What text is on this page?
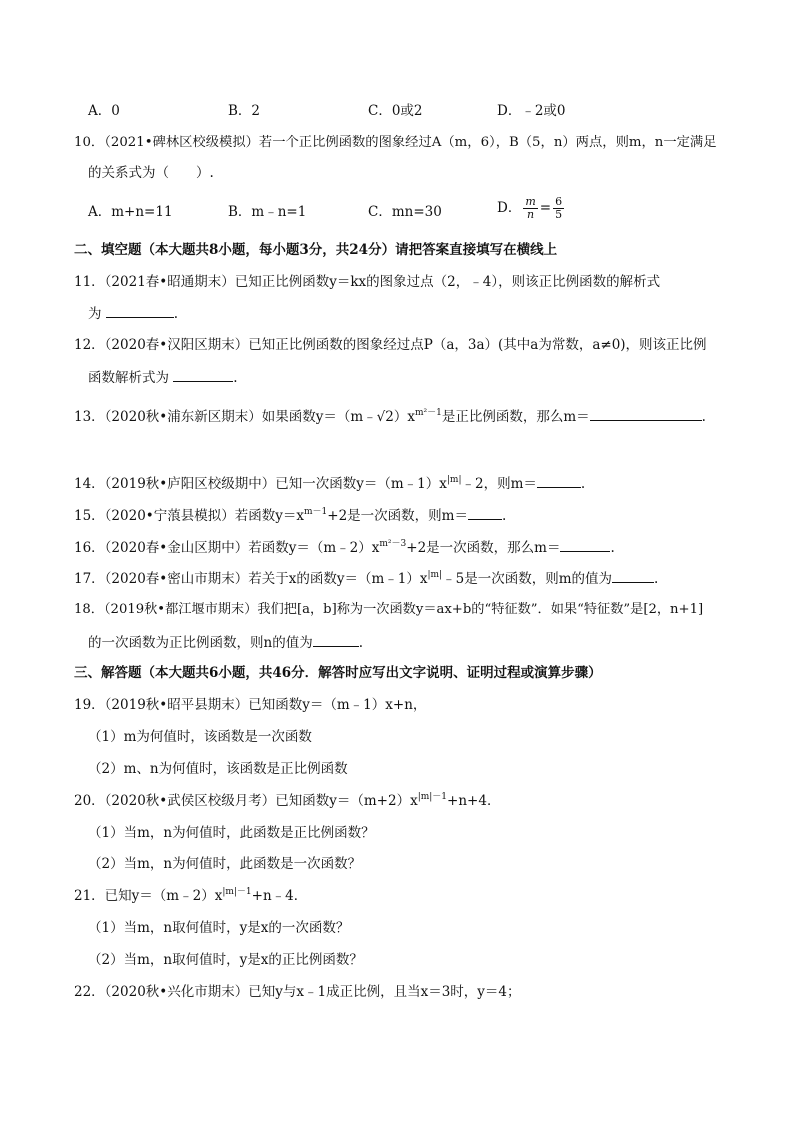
A．0	B．2	C．0或2	D．﹣2或0
10．（2021•碑林区校级模拟）若一个正比例函数的图象经过A（m，6），B（5，n）两点，则m，n一定满足
的关系式为（　　）.
A．m+n=11	B．m﹣n=1	C．mn=30	D． $\frac{m}{n} = \frac{6}{5}$
二、填空题（本大题共8小题，每小题3分，共24分）请把答案直接填写在横线上
11．（2021春•昭通期末）已知正比例函数y＝kx的图象过点（2，﹣4），则该正比例函数的解析式
为	.
12．（2020春•汉阳区期末）已知正比例函数的图象经过点P（a，3a）(其中a为常数，a≠0)，则该正比例
函数解析式为	.
13．（2020秋•浦东新区期末）如果函数$y=(m﹣√2)x^{m^2-1}$是正比例函数，那么m＝	.
14．（2019秋•庐阳区校级期中）已知一次函数$y=(m﹣1)x^{|m|}﹣2$，则m＝	.
15．（2020•宁蒗县模拟）若函数$y=x^{m-1}+2$是一次函数，则m＝	.
16．（2020春•金山区期中）若函数$y=(m﹣2)x^{m^2-3}+2$是一次函数，那么m＝	.
17．（2020春•密山市期末）若关于x的函数$y=(m﹣1)x^{|m|}﹣5$是一次函数，则m的值为	.
18．（2019秋•都江堰市期末）我们把[a，b]称为一次函数y＝ax+b的“特征数”．如果“特征数”是[2，n+1]
的一次函数为正比例函数，则n的值为	.
三、解答题（本大题共6小题，共46分．解答时应写出文字说明、证明过程或演算步骤）
19．（2019秋•昭平县期末）已知函数y＝（m﹣1）x+n，
（1）m为何值时，该函数是一次函数
（2）m、n为何值时，该函数是正比例函数
20．（2020秋•武侯区校级月考）已知函数$y=(m+2)x^{|m|-1}+n+4$．
（1）当m，n为何值时，此函数是正比例函数？
（2）当m，n为何值时，此函数是一次函数？
21．已知$y=(m﹣2)x^{|m|-1}+n﹣4$．
（1）当m，n取何值时，y是x的一次函数？
（2）当m，n取何值时，y是x的正比例函数？
22．（2020秋•兴化市期末）已知y与x﹣1成正比例，且当x＝3时，y＝4；
